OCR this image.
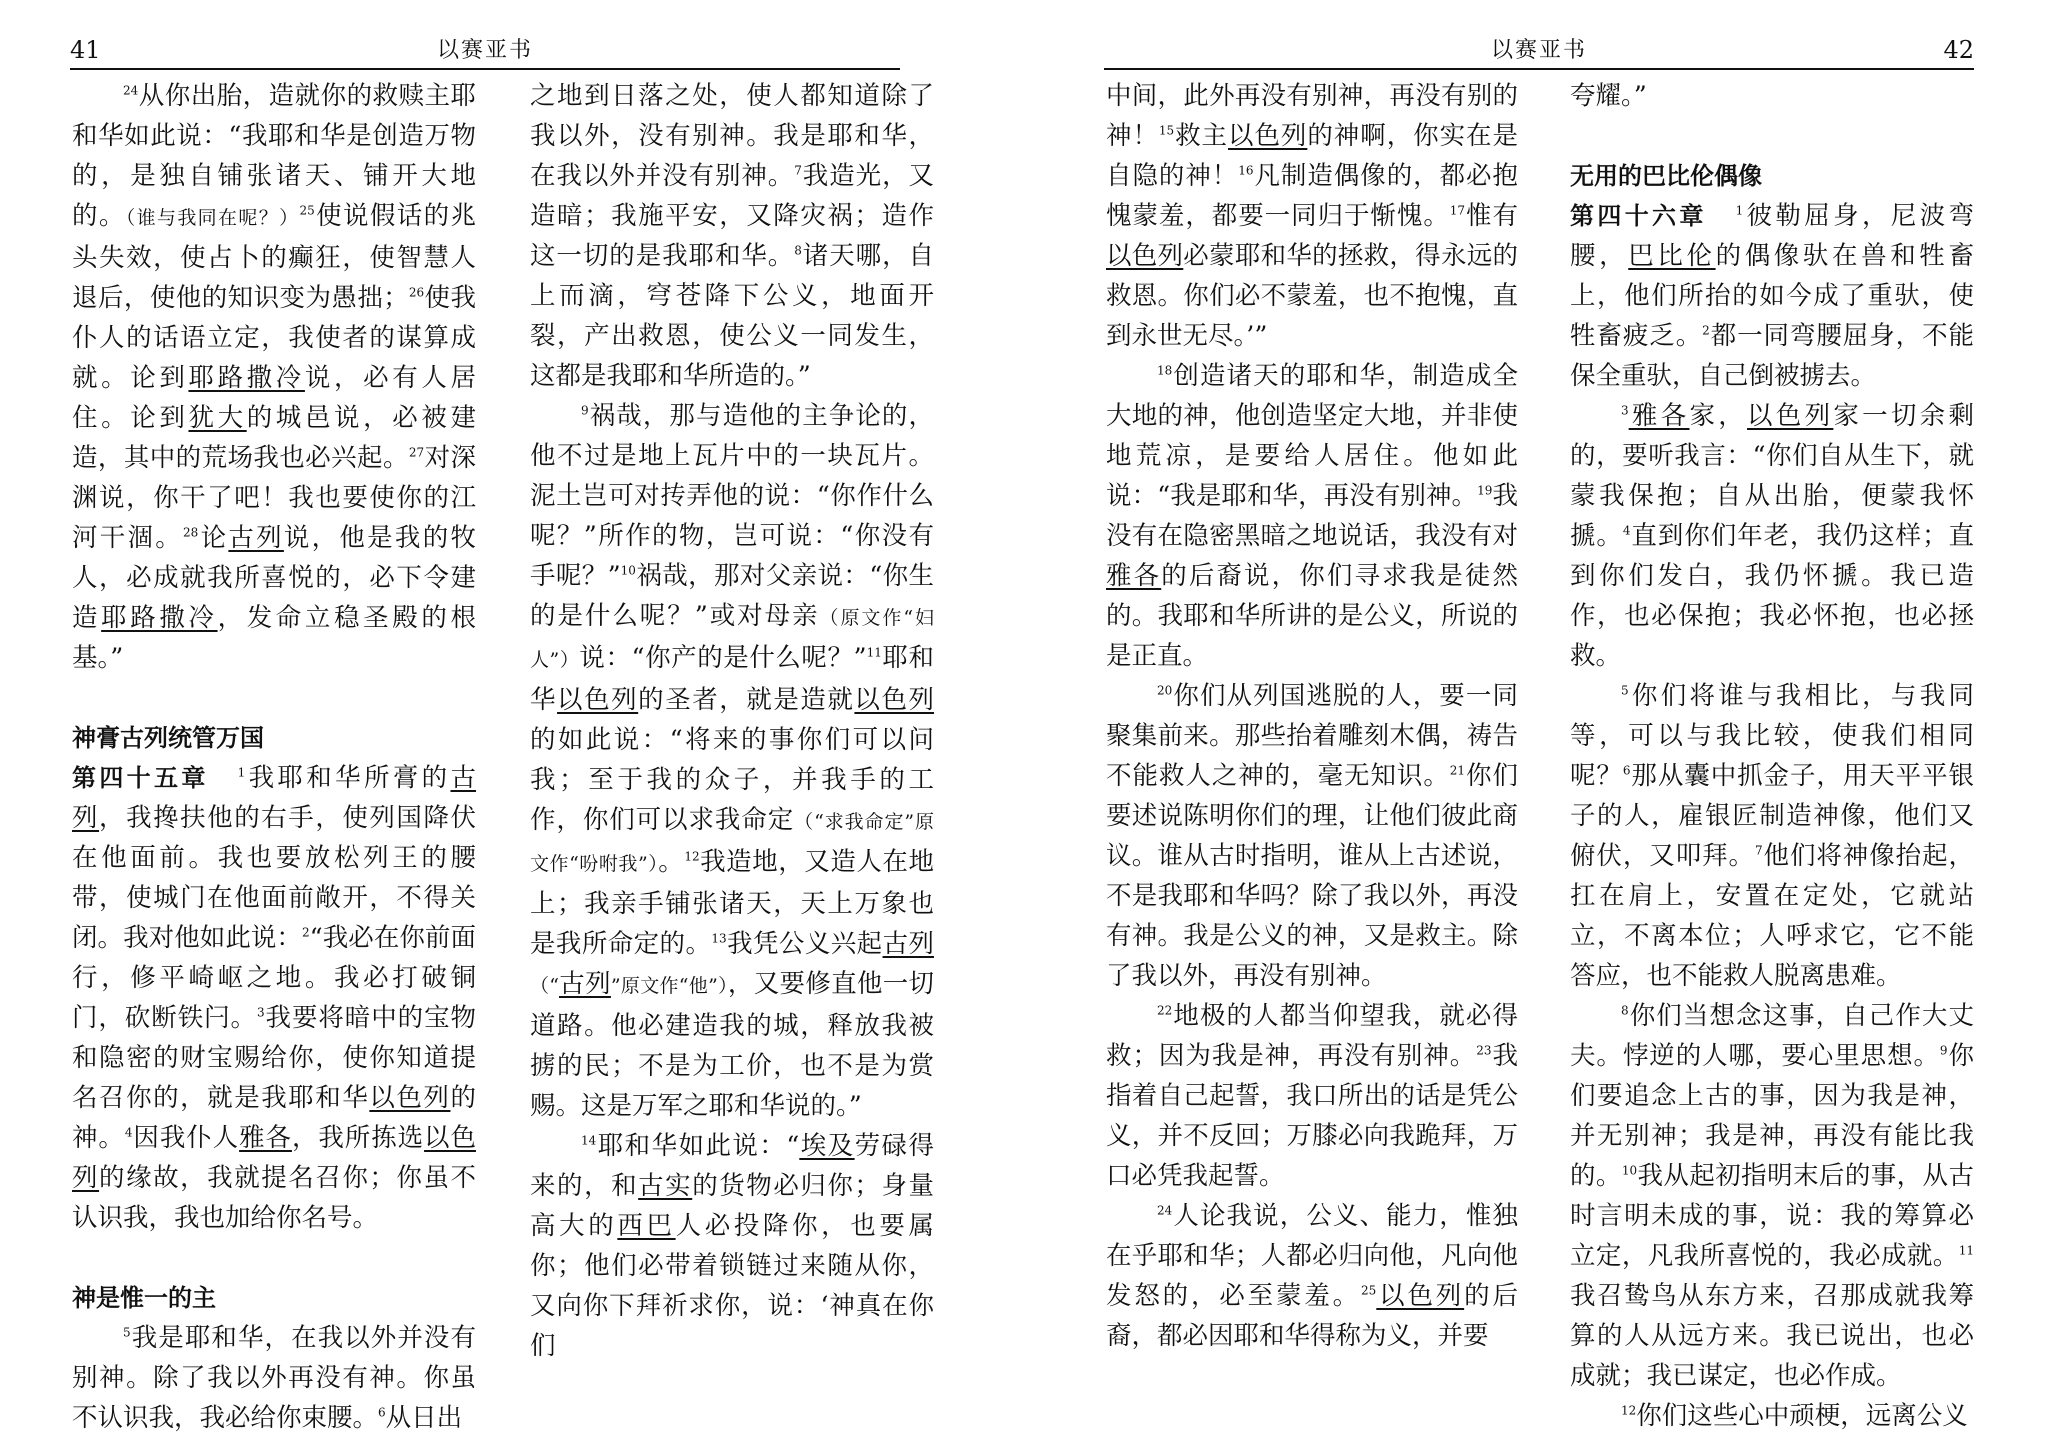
41	以赛亚书

$^{24}$从你出胎，造就你的救赎主耶和华如此说：“我耶和华是创造万物的，是独自铺张诸天、铺开大地的。（谁与我同在呢？）$^{25}$使说假话的兆头失效，使占卜的癫狂，使智慧人退后，使他的知识变为愚拙；$^{26}$使我仆人的话语立定，我使者的谋算成就。论到耶路撒冷说，必有人居住。论到犹大的城邑说，必被建造，其中的荒场我也必兴起。$^{27}$对深渊说，你干了吧！我也要使你的江河干涸。$^{28}$论古列说，他是我的牧人，必成就我所喜悦的，必下令建造耶路撒冷，发命立稳圣殿的根基。”

神膏古列统管万国

第四十五章　 $^1$我耶和华所膏的古列，我搀扶他的右手，使列国降伏在他面前。我也要放松列王的腰带，使城门在他面前敞开，不得关闭。我对他如此说：$^2$“我必在你前面行，修平崎岖之地。我必打破铜门，砍断铁闩。$^3$我要将暗中的宝物和隐密的财宝赐给你，使你知道提名召你的，就是我耶和华以色列的神。$^4$因我仆人雅各，我所拣选以色列的缘故，我就提名召你；你虽不认识我，我也加给你名号。

神是惟一的主

$^5$我是耶和华，在我以外并没有别神。除了我以外再没有神。你虽不认识我，我必给你束腰。$^6$从日出

之地到日落之处，使人都知道除了我以外，没有别神。我是耶和华，在我以外并没有别神。$^7$我造光，又造暗；我施平安，又降灾祸；造作这一切的是我耶和华。$^8$诸天哪，自上而滴，穹苍降下公义，地面开裂，产出救恩，使公义一同发生，这都是我耶和华所造的。”

$^9$祸哉，那与造他的主争论的，他不过是地上瓦片中的一块瓦片。泥土岂可对抟弄他的说：“你作什么呢？”所作的物，岂可说：“你没有手呢？”$^{10}$祸哉，那对父亲说：“你生的是什么呢？”或对母亲（原文作“妇人”）说：“你产的是什么呢？”$^{11}$耶和华以色列的圣者，就是造就以色列的如此说：“将来的事你们可以问我；至于我的众子，并我手的工作，你们可以求我命定（“求我命定”原文作“吩咐我”）。$^{12}$我造地，又造人在地上；我亲手铺张诸天，天上万象也是我所命定的。$^{13}$我凭公义兴起古列（“古列”原文作“他”），又要修直他一切道路。他必建造我的城，释放我被掳的民；不是为工价，也不是为赏赐。这是万军之耶和华说的。”

$^{14}$耶和华如此说：“埃及劳碌得来的，和古实的货物必归你；身量高大的西巴人必投降你，也要属你；他们必带着锁链过来随从你，又向你下拜祈求你，说：‘神真在你们

以赛亚书	42

中间，此外再没有别神，再没有别的神！$^{15}$救主以色列的神啊，你实在是自隐的神！$^{16}$凡制造偶像的，都必抱愧蒙羞，都要一同归于惭愧。$^{17}$惟有以色列必蒙耶和华的拯救，得永远的救恩。你们必不蒙羞，也不抱愧，直到永世无尽。’”

$^{18}$创造诸天的耶和华，制造成全大地的神，他创造坚定大地，并非使地荒凉，是要给人居住。他如此说：“我是耶和华，再没有别神。$^{19}$我没有在隐密黑暗之地说话，我没有对雅各的后裔说，你们寻求我是徒然的。我耶和华所讲的是公义，所说的是正直。

$^{20}$你们从列国逃脱的人，要一同聚集前来。那些抬着雕刻木偶，祷告不能救人之神的，毫无知识。$^{21}$你们要述说陈明你们的理，让他们彼此商议。谁从古时指明，谁从上古述说，不是我耶和华吗？除了我以外，再没有神。我是公义的神，又是救主。除了我以外，再没有别神。

$^{22}$地极的人都当仰望我，就必得救；因为我是神，再没有别神。$^{23}$我指着自己起誓，我口所出的话是凭公义，并不反回；万膝必向我跪拜，万口必凭我起誓。

$^{24}$人论我说，公义、能力，惟独在乎耶和华；人都必归向他，凡向他发怒的，必至蒙羞。$^{25}$以色列的后裔，都必因耶和华得称为义，并要

夸耀。”

无用的巴比伦偶像

第四十六章　 $^1$彼勒屈身，尼波弯腰，巴比伦的偶像驮在兽和牲畜上，他们所抬的如今成了重驮，使牲畜疲乏。$^2$都一同弯腰屈身，不能保全重驮，自己倒被掳去。

$^3$雅各家，以色列家一切余剩的，要听我言：“你们自从生下，就蒙我保抱；自从出胎，便蒙我怀搋。$^4$直到你们年老，我仍这样；直到你们发白，我仍怀搋。我已造作，也必保抱；我必怀抱，也必拯救。

$^5$你们将谁与我相比，与我同等，可以与我比较，使我们相同呢？$^6$那从囊中抓金子，用天平平银子的人，雇银匠制造神像，他们又俯伏，又叩拜。$^7$他们将神像抬起，扛在肩上，安置在定处，它就站立，不离本位；人呼求它，它不能答应，也不能救人脱离患难。

$^8$你们当想念这事，自己作大丈夫。悖逆的人哪，要心里思想。$^9$你们要追念上古的事，因为我是神，并无别神；我是神，再没有能比我的。$^{10}$我从起初指明末后的事，从古时言明未成的事，说：我的筹算必立定，凡我所喜悦的，我必成就。$^{11}$我召鸷鸟从东方来，召那成就我筹算的人从远方来。我已说出，也必成就；我已谋定，也必作成。

$^{12}$你们这些心中顽梗，远离公义
